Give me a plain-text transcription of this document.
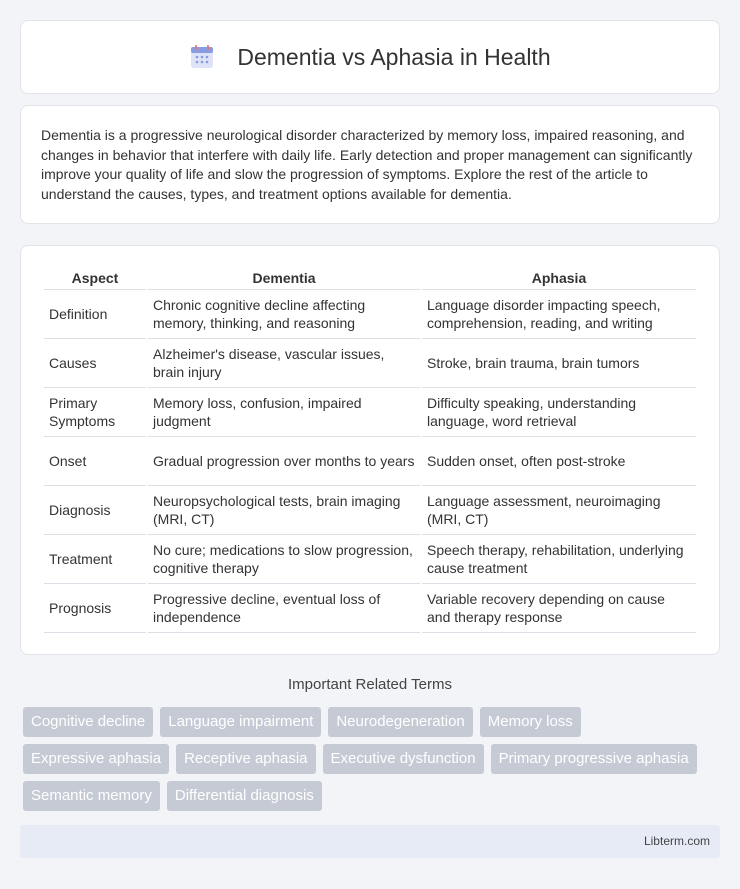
Dementia vs Aphasia in Health

Dementia is a progressive neurological disorder characterized by memory loss, impaired reasoning, and changes in behavior that interfere with daily life. Early detection and proper management can significantly improve your quality of life and slow the progression of symptoms. Explore the rest of the article to understand the causes, types, and treatment options available for dementia.

Aspect	Dementia	Aphasia
Definition	Chronic cognitive decline affecting memory, thinking, and reasoning	Language disorder impacting speech, comprehension, reading, and writing
Causes	Alzheimer's disease, vascular issues, brain injury	Stroke, brain trauma, brain tumors
Primary Symptoms	Memory loss, confusion, impaired judgment	Difficulty speaking, understanding language, word retrieval
Onset	Gradual progression over months to years	Sudden onset, often post-stroke
Diagnosis	Neuropsychological tests, brain imaging (MRI, CT)	Language assessment, neuroimaging (MRI, CT)
Treatment	No cure; medications to slow progression, cognitive therapy	Speech therapy, rehabilitation, underlying cause treatment
Prognosis	Progressive decline, eventual loss of independence	Variable recovery depending on cause and therapy response
Important Related Terms
Cognitive decline	Language impairment	Neurodegeneration	Memory loss
Expressive aphasia	Receptive aphasia	Executive dysfunction	Primary progressive aphasia
Semantic memory	Differential diagnosis
Libterm.com
